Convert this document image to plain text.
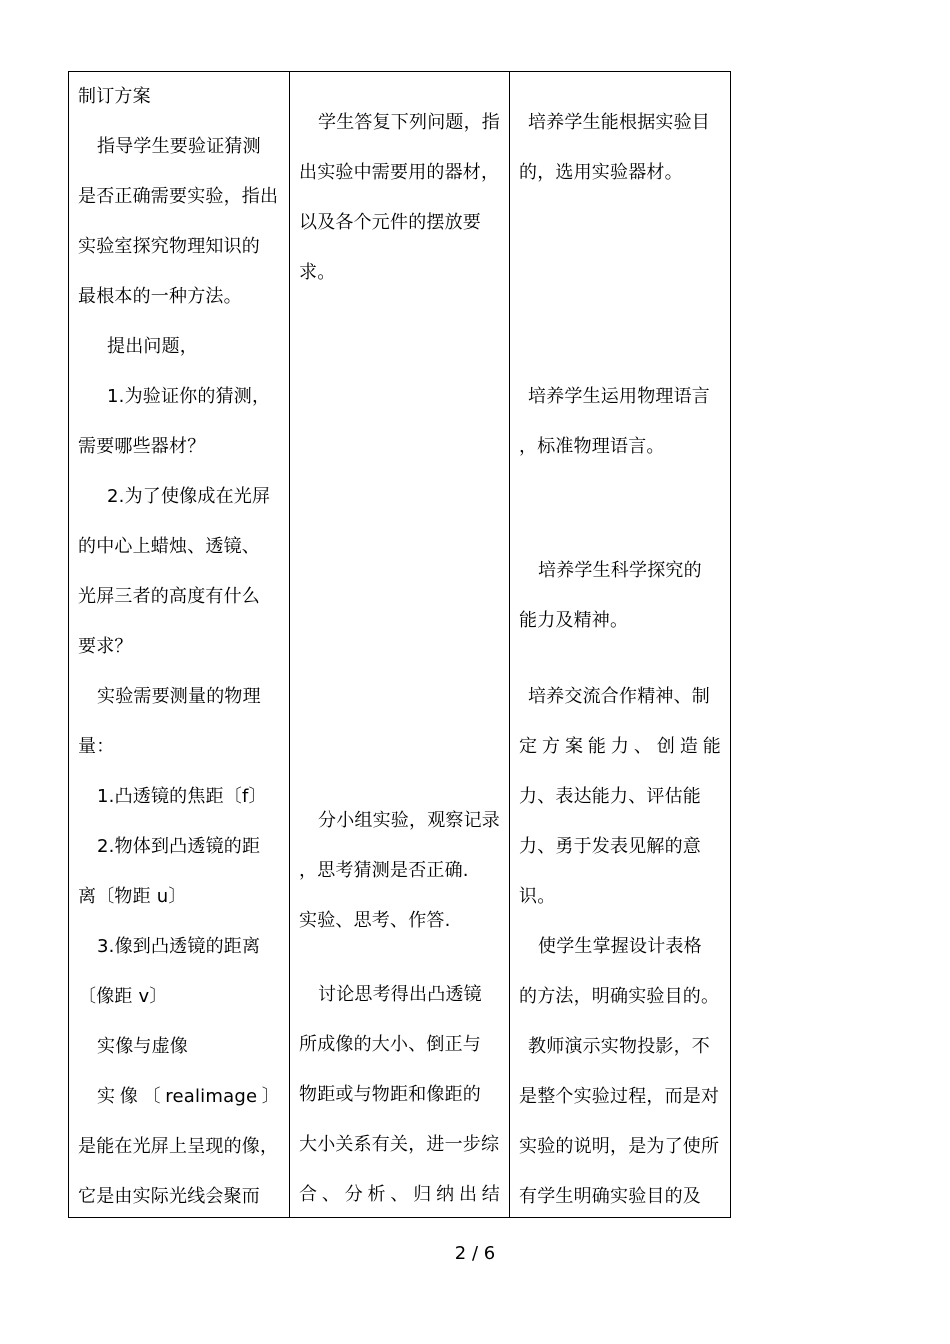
制订方案
指导学生要验证猜测
是否正确需要实验，指出
实验室探究物理知识的
最根本的一种方法。
提出问题，
1.为验证你的猜测，
需要哪些器材？
2.为了使像成在光屏
的中心上蜡烛、透镜、
光屏三者的高度有什么
要求？
实验需要测量的物理
量：
1.凸透镜的焦距〔f〕
2.物体到凸透镜的距
离〔物距 u〕
3.像到凸透镜的距离
〔像距 v〕
实像与虚像
实像〔realimage〕
是能在光屏上呈现的像，
它是由实际光线会聚而
学生答复下列问题，指
出实验中需要用的器材，
以及各个元件的摆放要
求。
分小组实验，观察记录
，思考猜测是否正确.
实验、思考、作答.
讨论思考得出凸透镜
所成像的大小、倒正与
物距或与物距和像距的
大小关系有关，进一步综
合、分析、归纳出结
培养学生能根据实验目
的，选用实验器材。
培养学生运用物理语言
，标准物理语言。
培养学生科学探究的
能力及精神。
培养交流合作精神、制
定方案能力、创造能
力、表达能力、评估能
力、勇于发表见解的意
识。
使学生掌握设计表格
的方法，明确实验目的。
教师演示实物投影，不
是整个实验过程，而是对
实验的说明，是为了使所
有学生明确实验目的及
2 / 6
